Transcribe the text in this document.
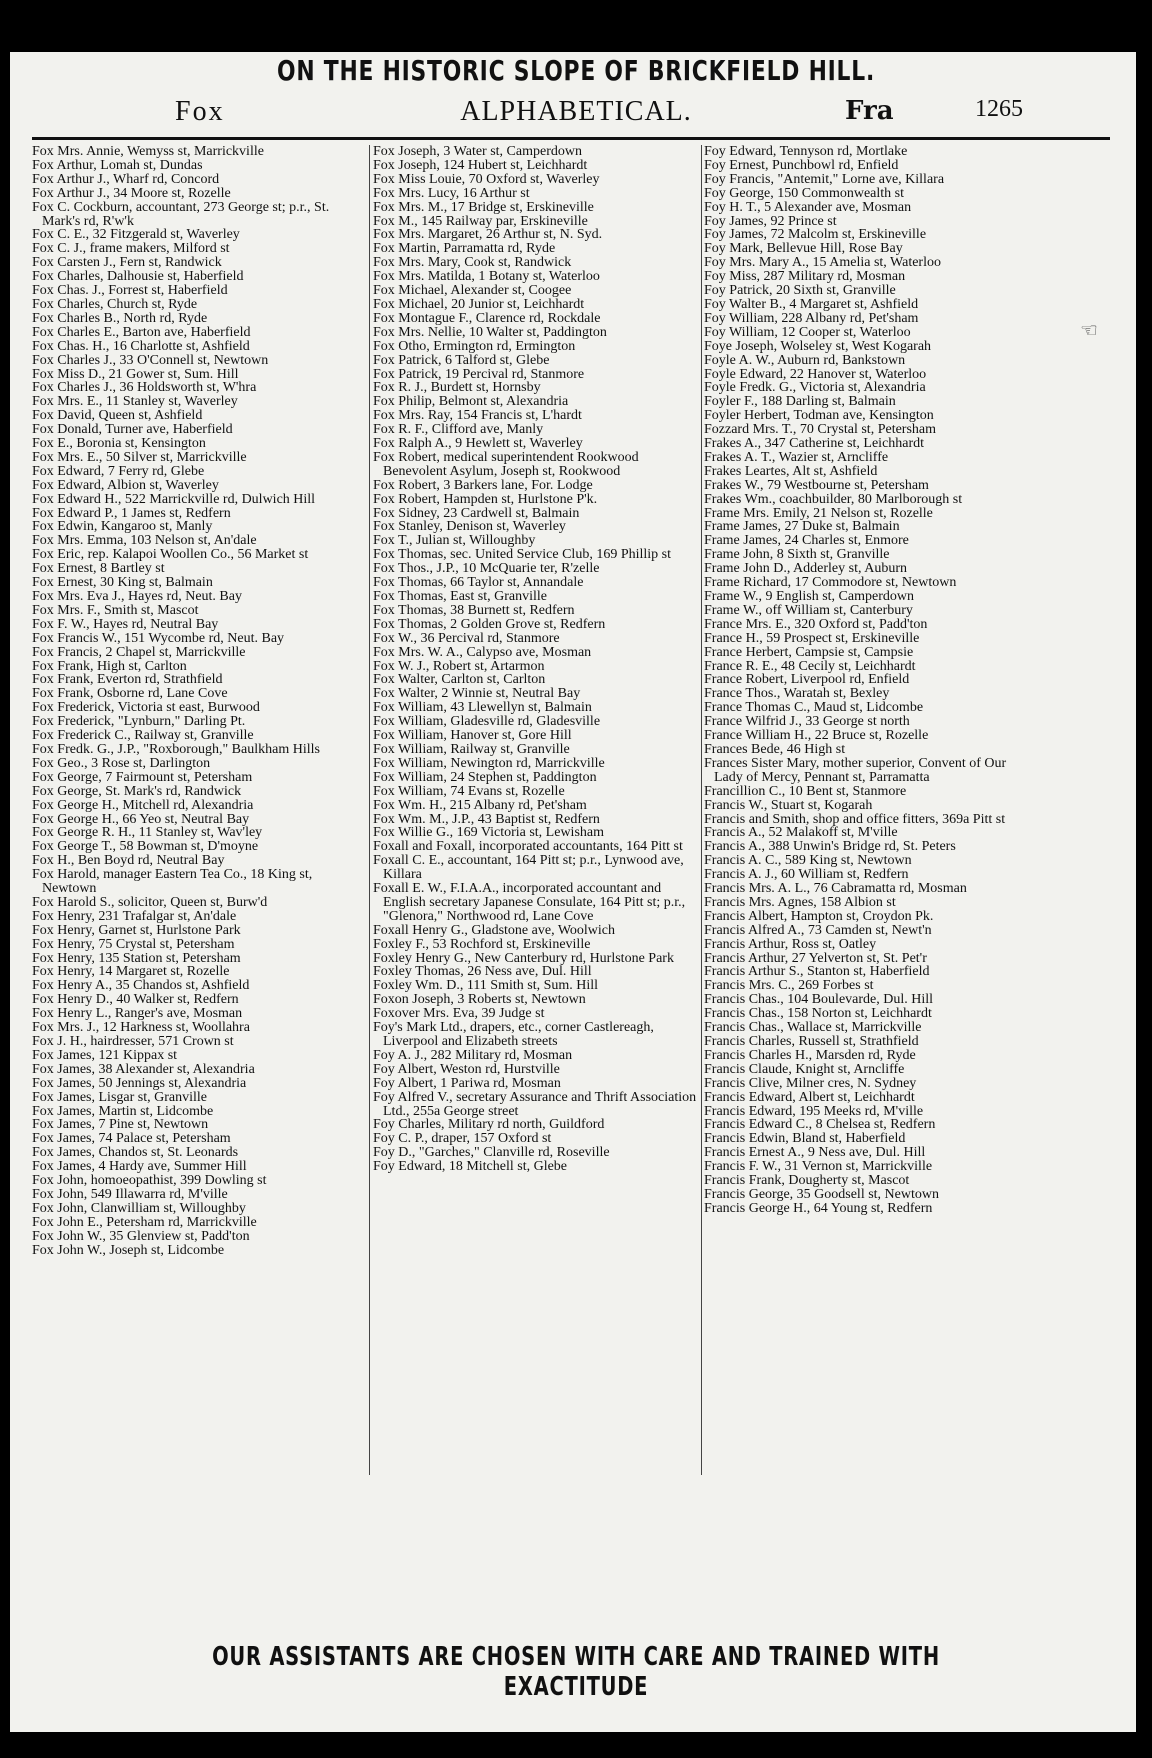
ON THE HISTORIC SLOPE OF BRICKFIELD HILL.
Fox	ALPHABETICAL.	Fra	1265
Fox Mrs. Annie, Wemyss st, Marrickville
Fox Arthur, Lomah st, Dundas
Fox Arthur J., Wharf rd, Concord
Fox Arthur J., 34 Moore st, Rozelle
Fox C. Cockburn, accountant, 273 George st; p.r., St. Mark's rd, R'w'k
Fox C. E., 32 Fitzgerald st, Waverley
Fox C. J., frame makers, Milford st
Fox Carsten J., Fern st, Randwick
Fox Charles, Dalhousie st, Haberfield
Fox Chas. J., Forrest st, Haberfield
Fox Charles, Church st, Ryde
Fox Charles B., North rd, Ryde
Fox Charles E., Barton ave, Haberfield
Fox Chas. H., 16 Charlotte st, Ashfield
Fox Charles J., 33 O'Connell st, Newtown
Fox Miss D., 21 Gower st, Sum. Hill
Fox Charles J., 36 Holdsworth st, W'hra
Fox Mrs. E., 11 Stanley st, Waverley
Fox David, Queen st, Ashfield
Fox Donald, Turner ave, Haberfield
Fox E., Boronia st, Kensington
Fox Mrs. E., 50 Silver st, Marrickville
Fox Edward, 7 Ferry rd, Glebe
Fox Edward, Albion st, Waverley
Fox Edward H., 522 Marrickville rd, Dulwich Hill
Fox Edward P., 1 James st, Redfern
Fox Edwin, Kangaroo st, Manly
Fox Mrs. Emma, 103 Nelson st, An'dale
Fox Eric, rep. Kalapoi Woollen Co., 56 Market st
Fox Ernest, 8 Bartley st
Fox Ernest, 30 King st, Balmain
Fox Mrs. Eva J., Hayes rd, Neut. Bay
Fox Mrs. F., Smith st, Mascot
Fox F. W., Hayes rd, Neutral Bay
Fox Francis W., 151 Wycombe rd, Neut. Bay
Fox Francis, 2 Chapel st, Marrickville
Fox Frank, High st, Carlton
Fox Frank, Everton rd, Strathfield
Fox Frank, Osborne rd, Lane Cove
Fox Frederick, Victoria st east, Burwood
Fox Frederick, "Lynburn," Darling Pt.
Fox Frederick C., Railway st, Granville
Fox Fredk. G., J.P., "Roxborough," Baulkham Hills
Fox Geo., 3 Rose st, Darlington
Fox George, 7 Fairmount st, Petersham
Fox George, St. Mark's rd, Randwick
Fox George H., Mitchell rd, Alexandria
Fox George H., 66 Yeo st, Neutral Bay
Fox George R. H., 11 Stanley st, Wav'ley
Fox George T., 58 Bowman st, D'moyne
Fox H., Ben Boyd rd, Neutral Bay
Fox Harold, manager Eastern Tea Co., 18 King st, Newtown
Fox Harold S., solicitor, Queen st, Burw'd
Fox Henry, 231 Trafalgar st, An'dale
Fox Henry, Garnet st, Hurlstone Park
Fox Henry, 75 Crystal st, Petersham
Fox Henry, 135 Station st, Petersham
Fox Henry, 14 Margaret st, Rozelle
Fox Henry A., 35 Chandos st, Ashfield
Fox Henry D., 40 Walker st, Redfern
Fox Henry L., Ranger's ave, Mosman
Fox Mrs. J., 12 Harkness st, Woollahra
Fox J. H., hairdresser, 571 Crown st
Fox James, 121 Kippax st
Fox James, 38 Alexander st, Alexandria
Fox James, 50 Jennings st, Alexandria
Fox James, Lisgar st, Granville
Fox James, Martin st, Lidcombe
Fox James, 7 Pine st, Newtown
Fox James, 74 Palace st, Petersham
Fox James, Chandos st, St. Leonards
Fox James, 4 Hardy ave, Summer Hill
Fox John, homoeopathist, 399 Dowling st
Fox John, 549 Illawarra rd, M'ville
Fox John, Clanwilliam st, Willoughby
Fox John E., Petersham rd, Marrickville
Fox John W., 35 Glenview st, Padd'ton
Fox John W., Joseph st, Lidcombe
Fox Joseph, 3 Water st, Camperdown
Fox Joseph, 124 Hubert st, Leichhardt
Fox Miss Louie, 70 Oxford st, Waverley
Fox Mrs. Lucy, 16 Arthur st
Fox Mrs. M., 17 Bridge st, Erskineville
Fox M., 145 Railway par, Erskineville
Fox Mrs. Margaret, 26 Arthur st, N. Syd.
Fox Martin, Parramatta rd, Ryde
Fox Mrs. Mary, Cook st, Randwick
Fox Mrs. Matilda, 1 Botany st, Waterloo
Fox Michael, Alexander st, Coogee
Fox Michael, 20 Junior st, Leichhardt
Fox Montague F., Clarence rd, Rockdale
Fox Mrs. Nellie, 10 Walter st, Paddington
Fox Otho, Ermington rd, Ermington
Fox Patrick, 6 Talford st, Glebe
Fox Patrick, 19 Percival rd, Stanmore
Fox R. J., Burdett st, Hornsby
Fox Philip, Belmont st, Alexandria
Fox Mrs. Ray, 154 Francis st, L'hardt
Fox R. F., Clifford ave, Manly
Fox Ralph A., 9 Hewlett st, Waverley
Fox Robert, medical superintendent Rookwood Benevolent Asylum, Joseph st, Rookwood
Fox Robert, 3 Barkers lane, For. Lodge
Fox Robert, Hampden st, Hurlstone P'k.
Fox Sidney, 23 Cardwell st, Balmain
Fox Stanley, Denison st, Waverley
Fox T., Julian st, Willoughby
Fox Thomas, sec. United Service Club, 169 Phillip st
Fox Thos., J.P., 10 McQuarie ter, R'zelle
Fox Thomas, 66 Taylor st, Annandale
Fox Thomas, East st, Granville
Fox Thomas, 38 Burnett st, Redfern
Fox Thomas, 2 Golden Grove st, Redfern
Fox W., 36 Percival rd, Stanmore
Fox Mrs. W. A., Calypso ave, Mosman
Fox W. J., Robert st, Artarmon
Fox Walter, Carlton st, Carlton
Fox Walter, 2 Winnie st, Neutral Bay
Fox William, 43 Llewellyn st, Balmain
Fox William, Gladesville rd, Gladesville
Fox William, Hanover st, Gore Hill
Fox William, Railway st, Granville
Fox William, Newington rd, Marrickville
Fox William, 24 Stephen st, Paddington
Fox William, 74 Evans st, Rozelle
Fox Wm. H., 215 Albany rd, Pet'sham
Fox Wm. M., J.P., 43 Baptist st, Redfern
Fox Willie G., 169 Victoria st, Lewisham
Foxall and Foxall, incorporated accountants, 164 Pitt st
Foxall C. E., accountant, 164 Pitt st; p.r., Lynwood ave, Killara
Foxall E. W., F.I.A.A., incorporated accountant and English secretary Japanese Consulate, 164 Pitt st; p.r., "Glenora," Northwood rd, Lane Cove
Foxall Henry G., Gladstone ave, Woolwich
Foxley F., 53 Rochford st, Erskineville
Foxley Henry G., New Canterbury rd, Hurlstone Park
Foxley Thomas, 26 Ness ave, Dul. Hill
Foxley Wm. D., 111 Smith st, Sum. Hill
Foxon Joseph, 3 Roberts st, Newtown
Foxover Mrs. Eva, 39 Judge st
Foy's Mark Ltd., drapers, etc., corner Castlereagh, Liverpool and Elizabeth streets
Foy A. J., 282 Military rd, Mosman
Foy Albert, Weston rd, Hurstville
Foy Albert, 1 Pariwa rd, Mosman
Foy Alfred V., secretary Assurance and Thrift Association Ltd., 255a George street
Foy Charles, Military rd north, Guildford
Foy C. P., draper, 157 Oxford st
Foy D., "Garches," Clanville rd, Roseville
Foy Edward, 18 Mitchell st, Glebe
Foy Edward, Tennyson rd, Mortlake
Foy Ernest, Punchbowl rd, Enfield
Foy Francis, "Antemit," Lorne ave, Killara
Foy George, 150 Commonwealth st
Foy H. T., 5 Alexander ave, Mosman
Foy James, 92 Prince st
Foy James, 72 Malcolm st, Erskineville
Foy Mark, Bellevue Hill, Rose Bay
Foy Mrs. Mary A., 15 Amelia st, Waterloo
Foy Miss, 287 Military rd, Mosman
Foy Patrick, 20 Sixth st, Granville
Foy Walter B., 4 Margaret st, Ashfield
Foy William, 228 Albany rd, Pet'sham
Foy William, 12 Cooper st, Waterloo
Foye Joseph, Wolseley st, West Kogarah
Foyle A. W., Auburn rd, Bankstown
Foyle Edward, 22 Hanover st, Waterloo
Foyle Fredk. G., Victoria st, Alexandria
Foyler F., 188 Darling st, Balmain
Foyler Herbert, Todman ave, Kensington
Fozzard Mrs. T., 70 Crystal st, Petersham
Frakes A., 347 Catherine st, Leichhardt
Frakes A. T., Wazier st, Arncliffe
Frakes Leartes, Alt st, Ashfield
Frakes W., 79 Westbourne st, Petersham
Frakes Wm., coachbuilder, 80 Marlborough st
Frame Mrs. Emily, 21 Nelson st, Rozelle
Frame James, 27 Duke st, Balmain
Frame James, 24 Charles st, Enmore
Frame John, 8 Sixth st, Granville
Frame John D., Adderley st, Auburn
Frame Richard, 17 Commodore st, Newtown
Frame W., 9 English st, Camperdown
Frame W., off William st, Canterbury
France Mrs. E., 320 Oxford st, Padd'ton
France H., 59 Prospect st, Erskineville
France Herbert, Campsie st, Campsie
France R. E., 48 Cecily st, Leichhardt
France Robert, Liverpool rd, Enfield
France Thos., Waratah st, Bexley
France Thomas C., Maud st, Lidcombe
France Wilfrid J., 33 George st north
France William H., 22 Bruce st, Rozelle
Frances Bede, 46 High st
Frances Sister Mary, mother superior, Convent of Our Lady of Mercy, Pennant st, Parramatta
Francillion C., 10 Bent st, Stanmore
Francis W., Stuart st, Kogarah
Francis and Smith, shop and office fitters, 369a Pitt st
Francis A., 52 Malakoff st, M'ville
Francis A., 388 Unwin's Bridge rd, St. Peters
Francis A. C., 589 King st, Newtown
Francis A. J., 60 William st, Redfern
Francis Mrs. A. L., 76 Cabramatta rd, Mosman
Francis Mrs. Agnes, 158 Albion st
Francis Albert, Hampton st, Croydon Pk.
Francis Alfred A., 73 Camden st, Newt'n
Francis Arthur, Ross st, Oatley
Francis Arthur, 27 Yelverton st, St. Pet'r
Francis Arthur S., Stanton st, Haberfield
Francis Mrs. C., 269 Forbes st
Francis Chas., 104 Boulevarde, Dul. Hill
Francis Chas., 158 Norton st, Leichhardt
Francis Chas., Wallace st, Marrickville
Francis Charles, Russell st, Strathfield
Francis Charles H., Marsden rd, Ryde
Francis Claude, Knight st, Arncliffe
Francis Clive, Milner cres, N. Sydney
Francis Edward, Albert st, Leichhardt
Francis Edward, 195 Meeks rd, M'ville
Francis Edward C., 8 Chelsea st, Redfern
Francis Edwin, Bland st, Haberfield
Francis Ernest A., 9 Ness ave, Dul. Hill
Francis F. W., 31 Vernon st, Marrickville
Francis Frank, Dougherty st, Mascot
Francis George, 35 Goodsell st, Newtown
Francis George H., 64 Young st, Redfern
☜
OUR ASSISTANTS ARE CHOSEN WITH CARE AND TRAINED WITH EXACTITUDE
